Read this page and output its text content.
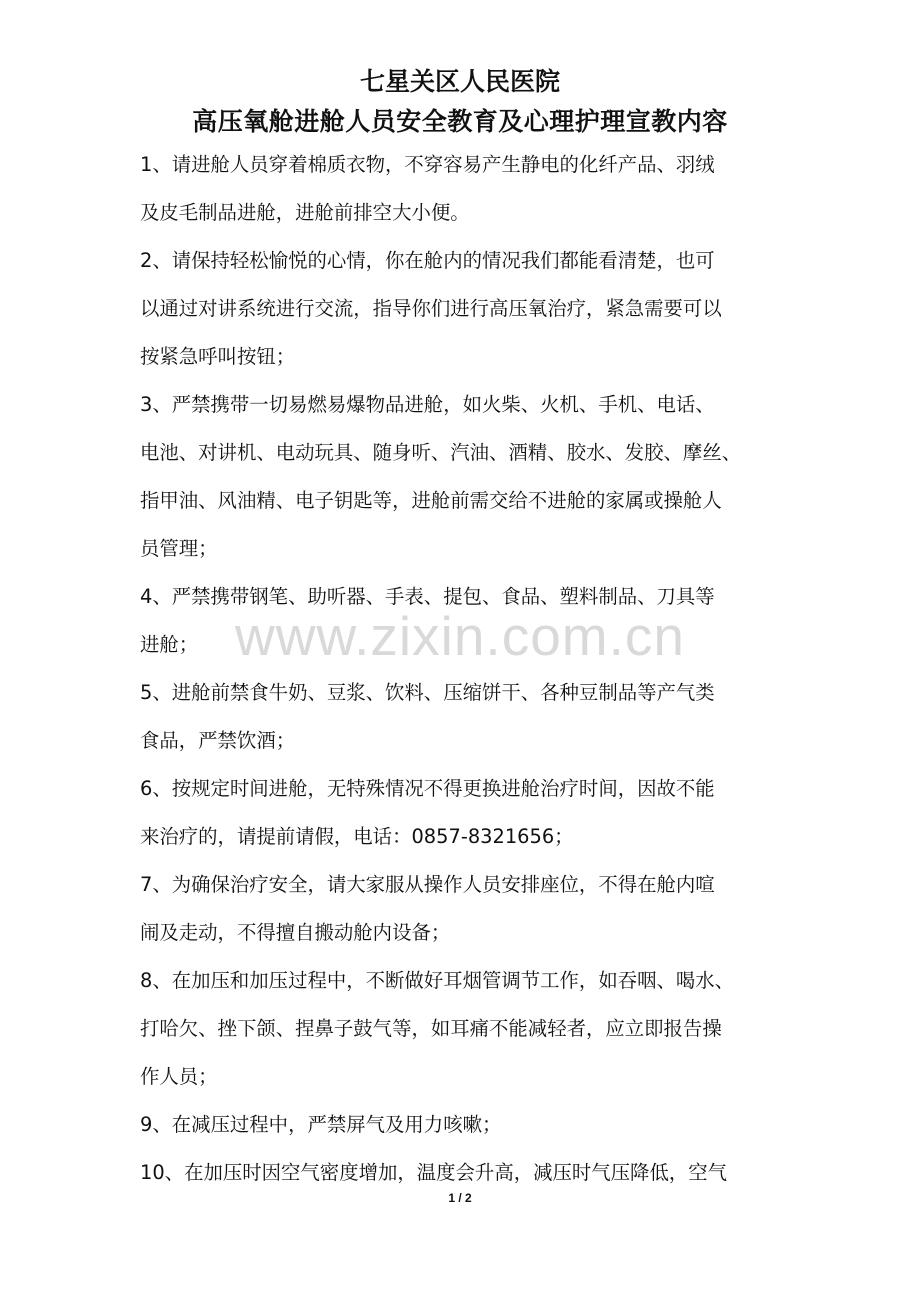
七星关区人民医院
高压氧舱进舱人员安全教育及心理护理宣教内容
www.zixin.com.cn
1、请进舱人员穿着棉质衣物，不穿容易产生静电的化纤产品、羽绒
及皮毛制品进舱，进舱前排空大小便。
2、请保持轻松愉悦的心情，你在舱内的情况我们都能看清楚，也可
以通过对讲系统进行交流，指导你们进行高压氧治疗，紧急需要可以
按紧急呼叫按钮；
3、严禁携带一切易燃易爆物品进舱，如火柴、火机、手机、电话、
电池、对讲机、电动玩具、随身听、汽油、酒精、胶水、发胶、摩丝、
指甲油、风油精、电子钥匙等，进舱前需交给不进舱的家属或操舱人
员管理；
4、严禁携带钢笔、助听器、手表、提包、食品、塑料制品、刀具等
进舱；
5、进舱前禁食牛奶、豆浆、饮料、压缩饼干、各种豆制品等产气类
食品，严禁饮酒；
6、按规定时间进舱，无特殊情况不得更换进舱治疗时间，因故不能
来治疗的，请提前请假，电话：0857-8321656；
7、为确保治疗安全，请大家服从操作人员安排座位，不得在舱内喧
闹及走动，不得擅自搬动舱内设备；
8、在加压和加压过程中，不断做好耳烟管调节工作，如吞咽、喝水、
打哈欠、挫下颌、捏鼻子鼓气等，如耳痛不能减轻者，应立即报告操
作人员；
9、在减压过程中，严禁屏气及用力咳嗽；
10、在加压时因空气密度增加，温度会升高，减压时气压降低，空气
1 / 2
